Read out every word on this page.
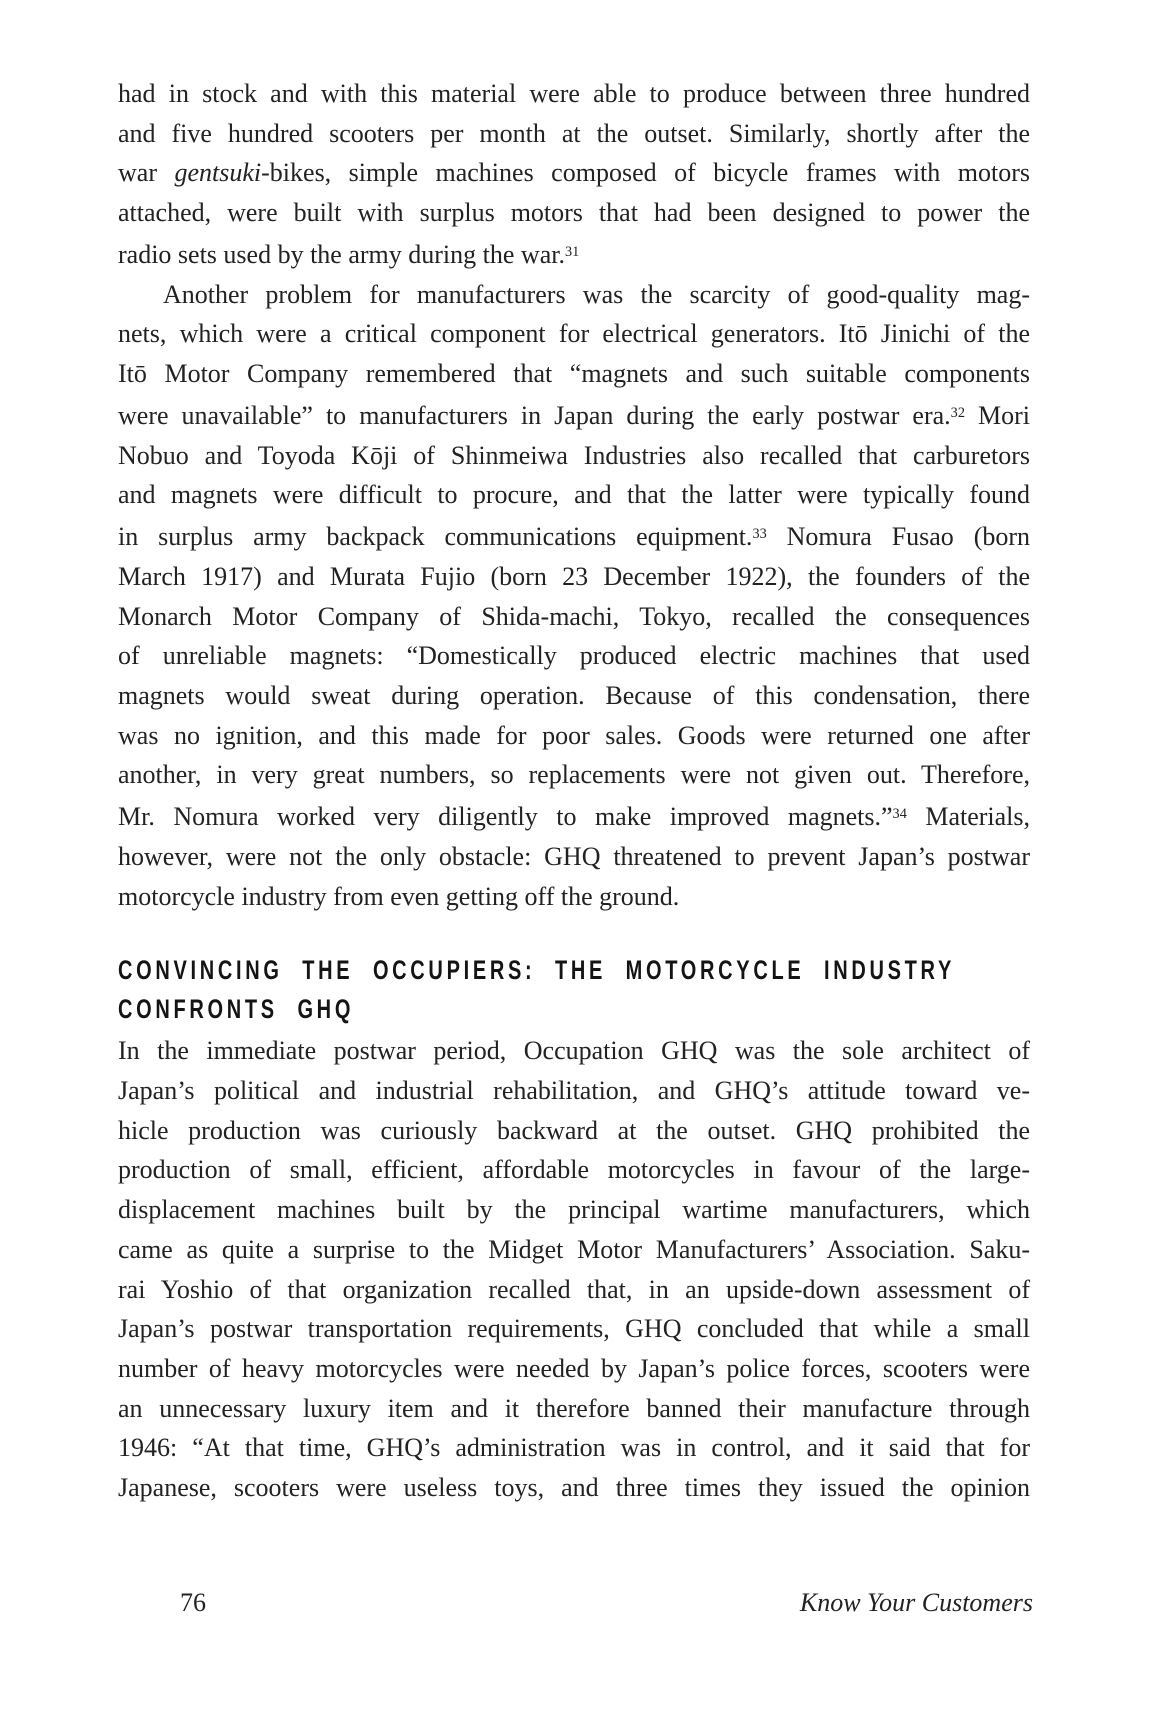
had in stock and with this material were able to produce between three hundred
and five hundred scooters per month at the outset. Similarly, shortly after the
war gentsuki-bikes, simple machines composed of bicycle frames with motors
attached, were built with surplus motors that had been designed to power the
radio sets used by the army during the war.$^{31}$
Another problem for manufacturers was the scarcity of good-quality mag-
nets, which were a critical component for electrical generators. Itō Jinichi of the
Itō Motor Company remembered that “magnets and such suitable components
were unavailable” to manufacturers in Japan during the early postwar era.$^{32}$ Mori
Nobuo and Toyoda Kōji of Shinmeiwa Industries also recalled that carburetors
and magnets were difficult to procure, and that the latter were typically found
in surplus army backpack communications equipment.$^{33}$ Nomura Fusao (born
March 1917) and Murata Fujio (born 23 December 1922), the founders of the
Monarch Motor Company of Shida-machi, Tokyo, recalled the consequences
of unreliable magnets: “Domestically produced electric machines that used
magnets would sweat during operation. Because of this condensation, there
was no ignition, and this made for poor sales. Goods were returned one after
another, in very great numbers, so replacements were not given out. Therefore,
Mr. Nomura worked very diligently to make improved magnets.”$^{34}$ Materials,
however, were not the only obstacle: GHQ threatened to prevent Japan’s postwar
motorcycle industry from even getting off the ground.
CONVINCING THE OCCUPIERS: THE MOTORCYCLE INDUSTRY
CONFRONTS GHQ
In the immediate postwar period, Occupation GHQ was the sole architect of
Japan’s political and industrial rehabilitation, and GHQ’s attitude toward ve-
hicle production was curiously backward at the outset. GHQ prohibited the
production of small, efficient, affordable motorcycles in favour of the large-
displacement machines built by the principal wartime manufacturers, which
came as quite a surprise to the Midget Motor Manufacturers’ Association. Saku-
rai Yoshio of that organization recalled that, in an upside-down assessment of
Japan’s postwar transportation requirements, GHQ concluded that while a small
number of heavy motorcycles were needed by Japan’s police forces, scooters were
an unnecessary luxury item and it therefore banned their manufacture through
1946: “At that time, GHQ’s administration was in control, and it said that for
Japanese, scooters were useless toys, and three times they issued the opinion
76	Know Your Customers
